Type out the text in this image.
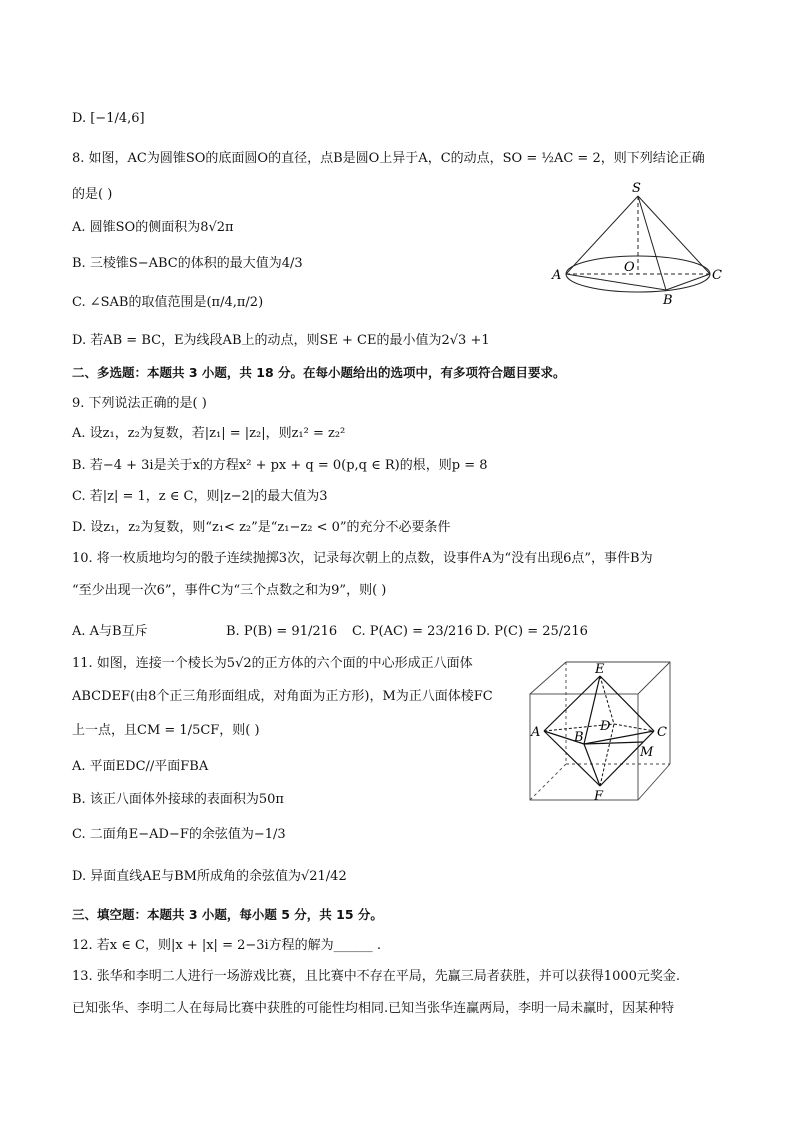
D. [−1/4,6]
8. 如图，AC为圆锥SO的底面圆O的直径，点B是圆O上异于A，C的动点，SO = ½AC = 2，则下列结论正确
的是( )
A. 圆锥SO的侧面积为8√2π
B. 三棱锥S−ABC的体积的最大值为4/3
C. ∠SAB的取值范围是(π/4,π/2)
D. 若AB = BC，E为线段AB上的动点，则SE + CE的最小值为2√3 +1
二、多选题：本题共 3 小题，共 18 分。在每小题给出的选项中，有多项符合题目要求。
9. 下列说法正确的是( )
A. 设z₁，z₂为复数，若|z₁| = |z₂|，则z₁² = z₂²
B. 若−4 + 3i是关于x的方程x² + px + q = 0(p,q ∈ R)的根，则p = 8
C. 若|z| = 1，z ∈ C，则|z−2|的最大值为3
D. 设z₁，z₂为复数，则“z₁< z₂”是“z₁−z₂ < 0”的充分不必要条件
10. 将一枚质地均匀的骰子连续抛掷3次，记录每次朝上的点数，设事件A为“没有出现6点”，事件B为
“至少出现一次6”，事件C为“三个点数之和为9”，则( )
A. A与B互斥	B. P(B) = 91/216 C. P(AC) = 23/216 D. P(C) = 25/216
11. 如图，连接一个棱长为5√2的正方体的六个面的中心形成正八面体
ABCDEF(由8个正三角形面组成，对角面为正方形)，M为正八面体棱FC
上一点，且CM = 1/5CF，则( )
A. 平面EDC//平面FBA
B. 该正八面体外接球的表面积为50π
C. 二面角E−AD−F的余弦值为−1/3
D. 异面直线AE与BM所成角的余弦值为√21/42
三、填空题：本题共 3 小题，每小题 5 分，共 15 分。
12. 若x ∈ C，则|x + |x| = 2−3i方程的解为______ .
13. 张华和李明二人进行一场游戏比赛，且比赛中不存在平局，先赢三局者获胜，并可以获得1000元奖金.
已知张华、李明二人在每局比赛中获胜的可能性均相同.已知当张华连赢两局，李明一局未赢时，因某种特
S
O
A
B
C
E
A	B
D	C
M
F
